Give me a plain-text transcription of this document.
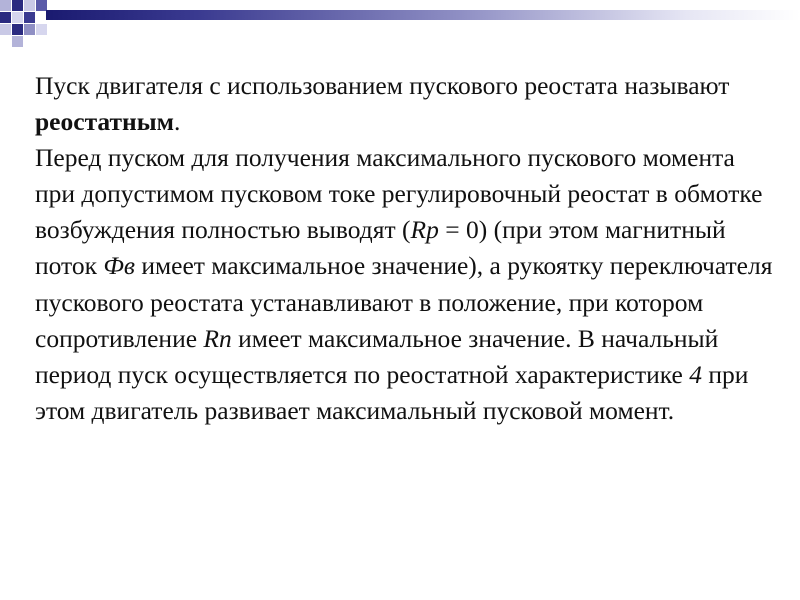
Пуск двигателя с использованием пускового реостата называют реостатным.

Перед пуском для получения максимального пускового момента при допустимом пусковом токе регулировочный реостат в обмотке возбуждения полностью выводят (Rр = 0) (при этом магнитный поток Фв имеет максимальное значение), а рукоятку переключателя пускового реостата устанавливают в положение, при котором сопротивление Rп имеет максимальное значение. В начальный период пуск осуществляется по реостатной характеристике 4 при этом двигатель развивает максимальный пусковой момент.
